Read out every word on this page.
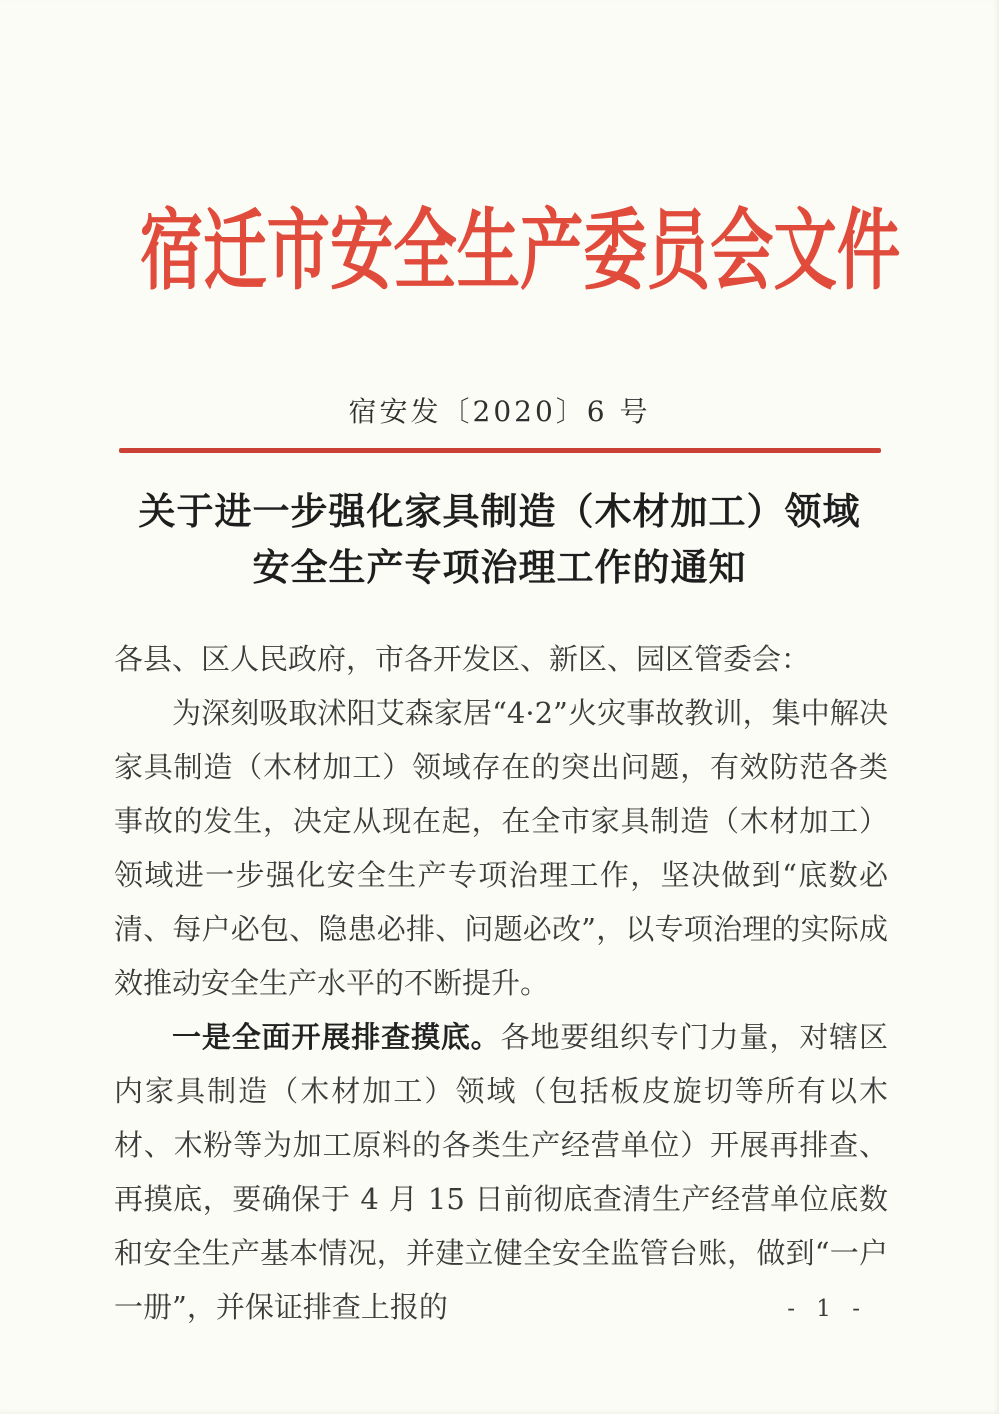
宿迁市安全生产委员会文件
宿安发〔2020〕6 号
关于进一步强化家具制造（木材加工）领域
安全生产专项治理工作的通知

各县、区人民政府，市各开发区、新区、园区管委会：

为深刻吸取沭阳艾森家居“4·2”火灾事故教训，集中解决家具制造（木材加工）领域存在的突出问题，有效防范各类事故的发生，决定从现在起，在全市家具制造（木材加工）领域进一步强化安全生产专项治理工作，坚决做到“底数必清、每户必包、隐患必排、问题必改”，以专项治理的实际成效推动安全生产水平的不断提升。

一是全面开展排查摸底。各地要组织专门力量，对辖区内家具制造（木材加工）领域（包括板皮旋切等所有以木材、木粉等为加工原料的各类生产经营单位）开展再排查、再摸底，要确保于 4 月 15 日前彻底查清生产经营单位底数和安全生产基本情况，并建立健全安全监管台账，做到“一户一册”，并保证排查上报的	- 1 -
